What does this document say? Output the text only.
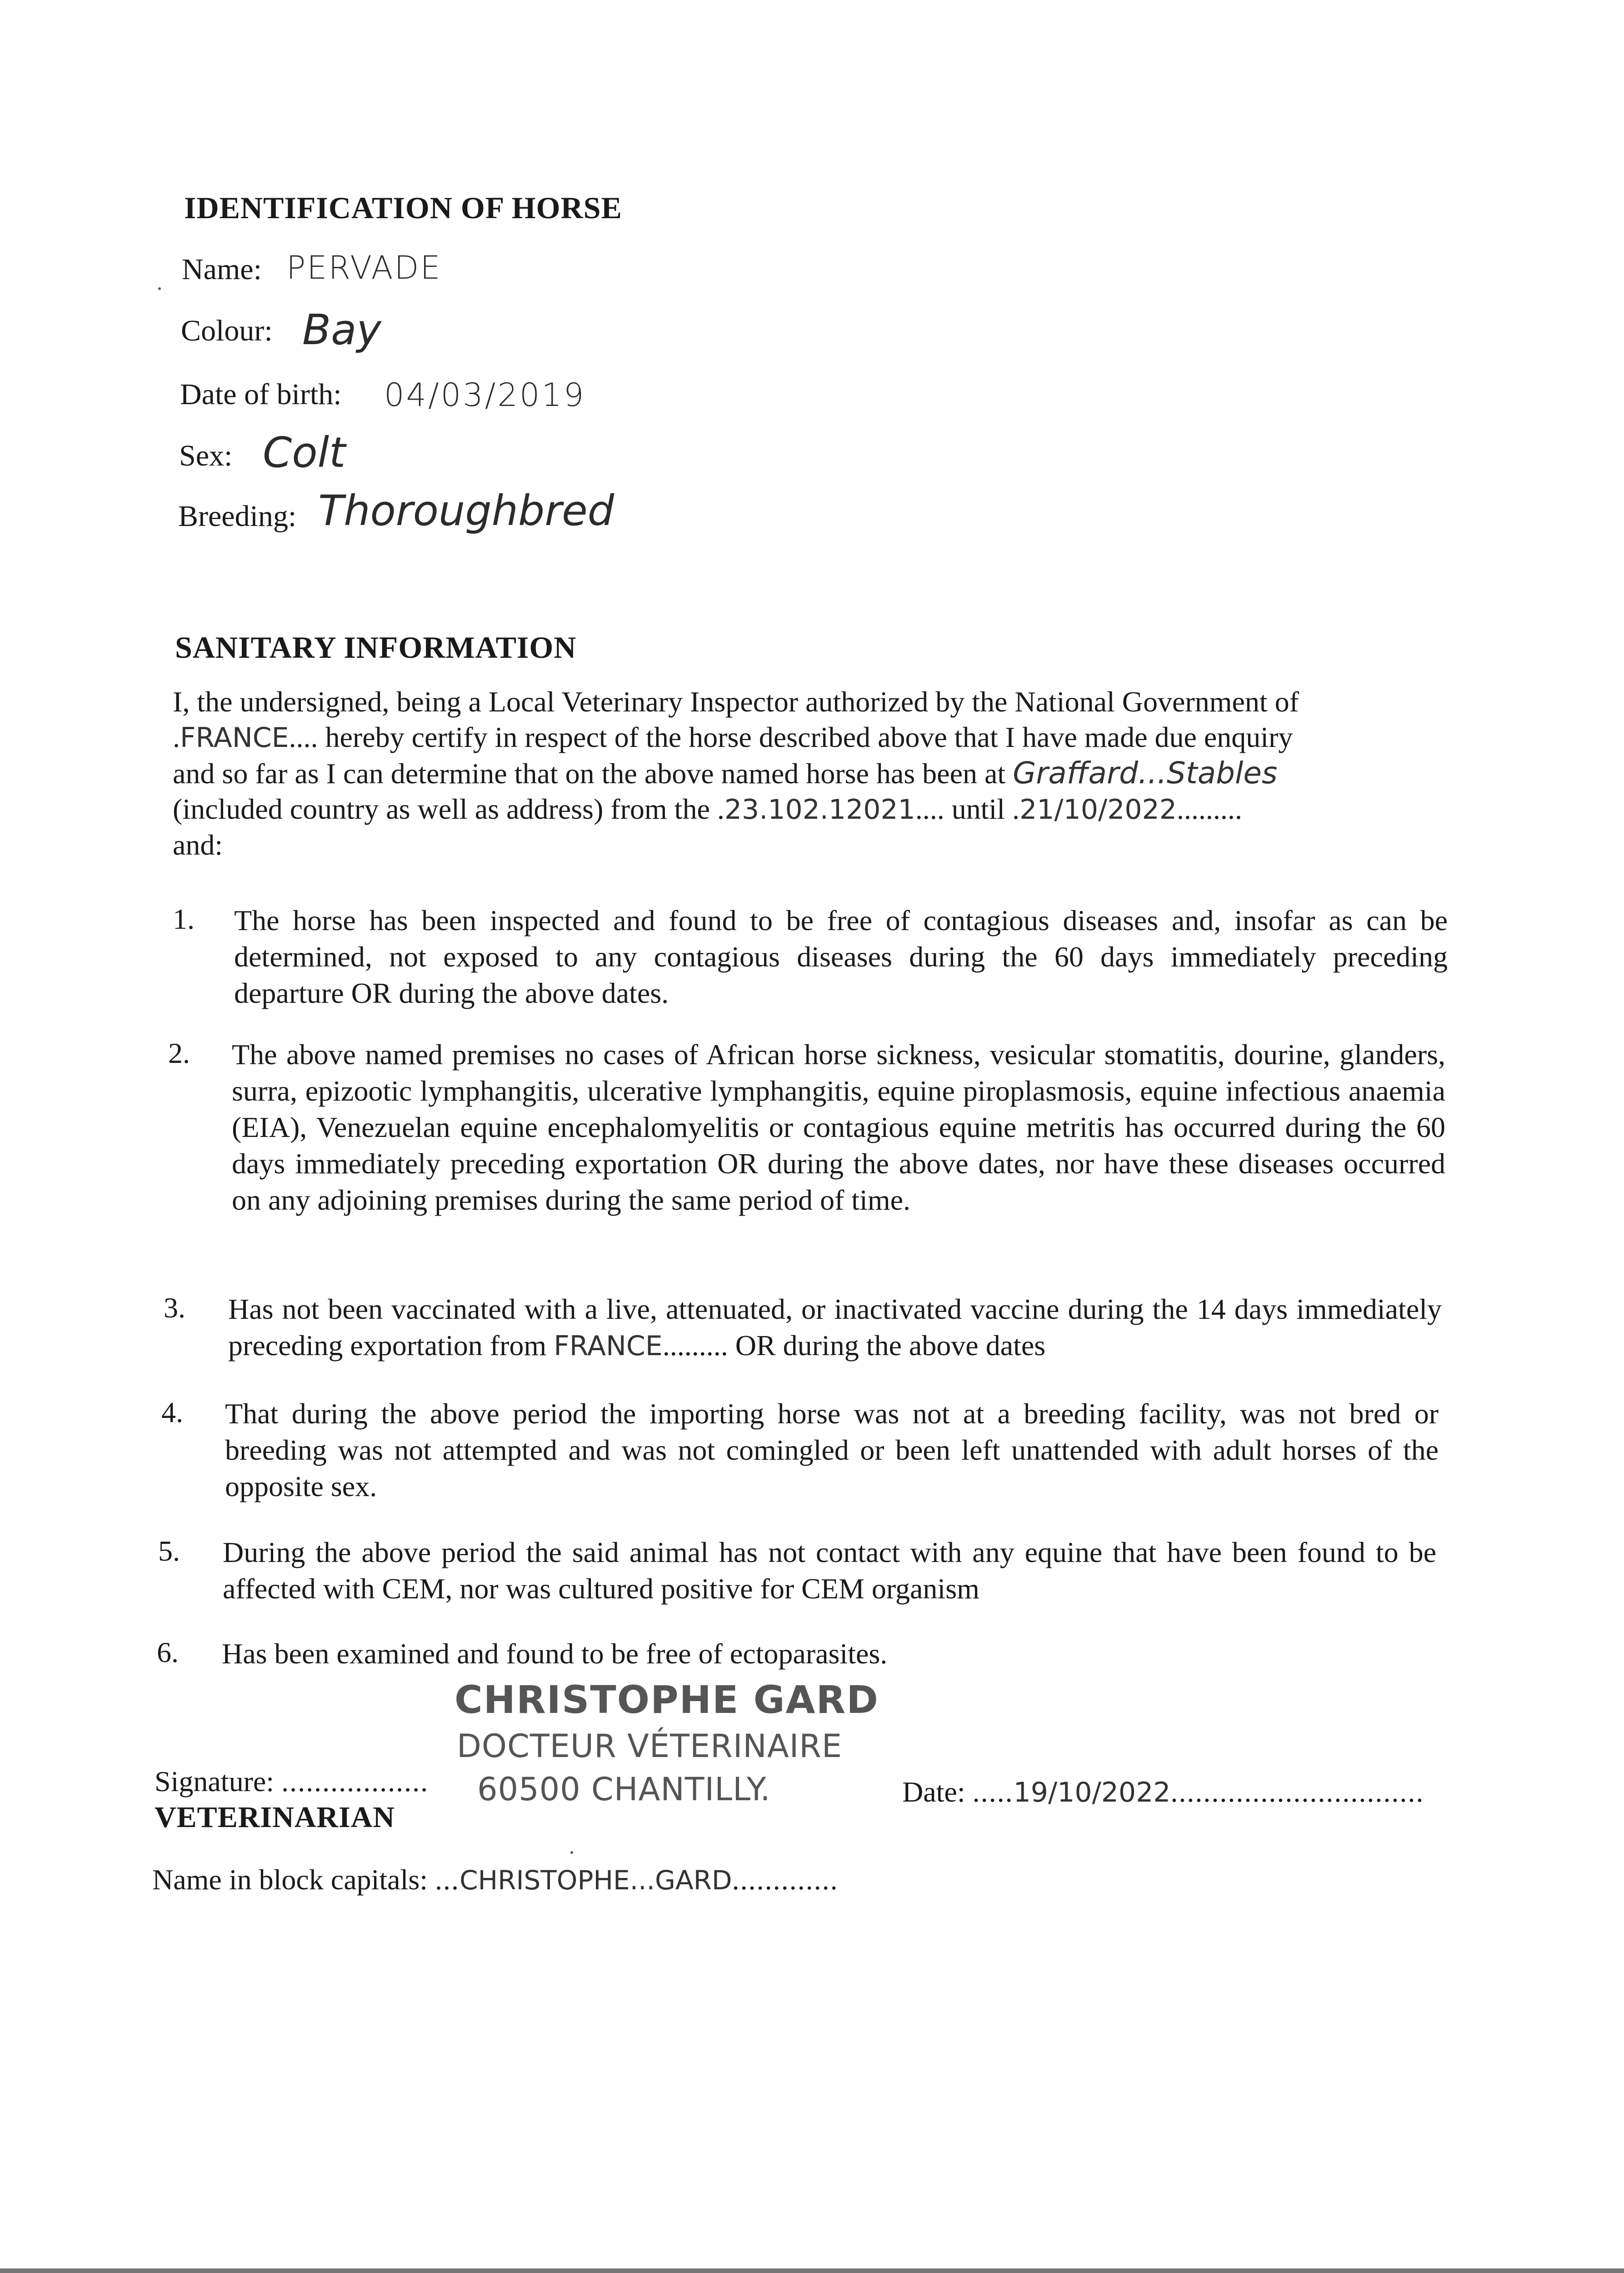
IDENTIFICATION OF HORSE
Name: PERVADE
Colour: Bay
Date of birth: 04/03/2019
Sex: Colt
Breeding: Thoroughbred
SANITARY INFORMATION
I, the undersigned, being a Local Veterinary Inspector authorized by the National Government of
.FRANCE.... hereby certify in respect of the horse described above that I have made due enquiry
and so far as I can determine that on the above named horse has been at Graffard...Stables
(included country as well as address) from the .23.102.12021.... until .21/10/2022.........
and:
1. The horse has been inspected and found to be free of contagious diseases and, insofar as can be determined, not exposed to any contagious diseases during the 60 days immediately preceding departure OR during the above dates.
2. The above named premises no cases of African horse sickness, vesicular stomatitis, dourine, glanders, surra, epizootic lymphangitis, ulcerative lymphangitis, equine piroplasmosis, equine infectious anaemia (EIA), Venezuelan equine encephalomyelitis or contagious equine metritis has occurred during the 60 days immediately preceding exportation OR during the above dates, nor have these diseases occurred on any adjoining premises during the same period of time.
3. Has not been vaccinated with a live, attenuated, or inactivated vaccine during the 14 days immediately preceding exportation from FRANCE......... OR during the above dates
4. That during the above period the importing horse was not at a breeding facility, was not bred or breeding was not attempted and was not comingled or been left unattended with adult horses of the opposite sex.
5. During the above period the said animal has not contact with any equine that have been found to be affected with CEM, nor was cultured positive for CEM organism
6. Has been examined and found to be free of ectoparasites.
CHRISTOPHE GARD
DOCTEUR VÉTERINAIRE
60500 CHANTILLY.
Signature: ..................	Date: .....19/10/2022...............................
VETERINARIAN
Name in block capitals: ...CHRISTOPHE...GARD.............
